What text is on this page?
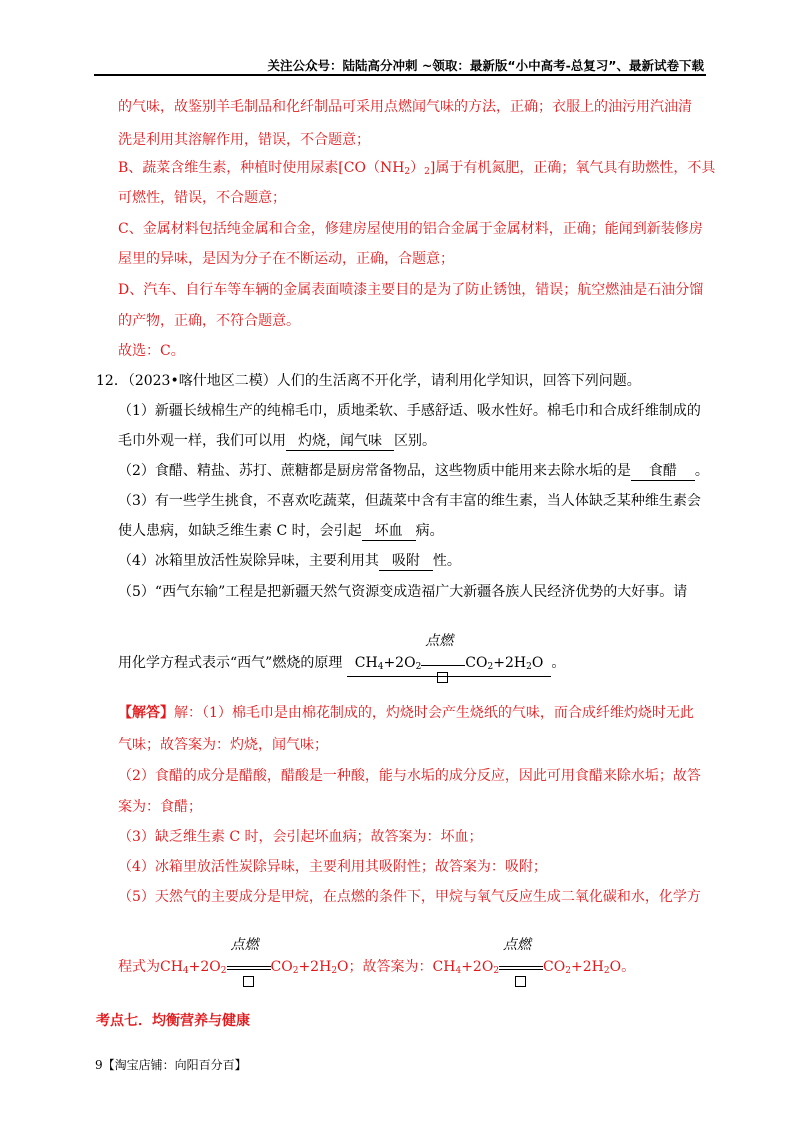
关注公众号：陆陆高分冲刺 ~领取：最新版“小中高考-总复习”、最新试卷下载
的气味，故鉴别羊毛制品和化纤制品可采用点燃闻气味的方法，正确；衣服上的油污用汽油清
洗是利用其溶解作用，错误，不合题意；
B、蔬菜含维生素，种植时使用尿素$[CO(NH_2)_2]$属于有机氮肥，正确；氧气具有助燃性，不具
可燃性，错误，不合题意；
C、金属材料包括纯金属和合金，修建房屋使用的铝合金属于金属材料，正确；能闻到新装修房
屋里的异味，是因为分子在不断运动，正确，合题意；
D、汽车、自行车等车辆的金属表面喷漆主要目的是为了防止锈蚀，错误；航空燃油是石油分馏
的产物，正确，不符合题意。
故选：C。
12．（2023•喀什地区二模）人们的生活离不开化学，请利用化学知识，回答下列问题。
（1）新疆长绒棉生产的纯棉毛巾，质地柔软、手感舒适、吸水性好。棉毛巾和合成纤维制成的
毛巾外观一样，我们可以用 灼烧，闻气味 区别。
（2）食醋、精盐、苏打、蔗糖都是厨房常备物品，这些物质中能用来去除水垢的是 食醋 。
（3）有一些学生挑食，不喜欢吃蔬菜，但蔬菜中含有丰富的维生素，当人体缺乏某种维生素会
使人患病，如缺乏维生素 C 时，会引起 坏血 病。
（4）冰箱里放活性炭除异味，主要利用其 吸附 性。
（5）“西气东输”工程是把新疆天然气资源变成造福广大新疆各族人民经济优势的大好事。请
用化学方程式表示“西气”燃烧的原理 $CH_4+2O_2$
点燃
$CO_2+2H_2O$。
【解答】解：（1）棉毛巾是由棉花制成的，灼烧时会产生烧纸的气味，而合成纤维灼烧时无此
气味；故答案为：灼烧，闻气味；
（2）食醋的成分是醋酸，醋酸是一种酸，能与水垢的成分反应，因此可用食醋来除水垢；故答
案为：食醋；
（3）缺乏维生素 C 时，会引起坏血病；故答案为：坏血；
（4）冰箱里放活性炭除异味，主要利用其吸附性；故答案为：吸附；
（5）天然气的主要成分是甲烷，在点燃的条件下，甲烷与氧气反应生成二氧化碳和水，化学方
程式为$CH_4+2O_2$
点燃
$CO_2+2H_2O$；故答案为：$CH_4+2O_2$
点燃
$CO_2+2H_2O$。
考点七．均衡营养与健康
9【淘宝店铺：向阳百分百】
